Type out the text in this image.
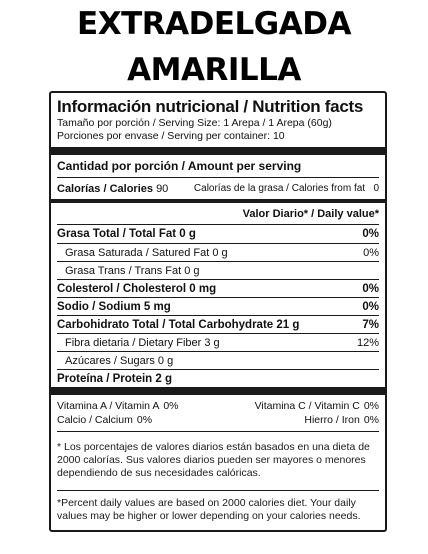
EXTRADELGADA
AMARILLA
Información nutricional / Nutrition facts
Tamaño por porción / Serving Size: 1 Arepa / 1 Arepa (60g)
Porciones por envase / Serving per container: 10
Cantidad por porción / Amount per serving
Calorías / Calories 90	Calorías de la grasa / Calories from fat 0
Valor Diario* / Daily value*
Grasa Total / Total Fat 0 g	0%
Grasa Saturada / Satured Fat 0 g	0%
Grasa Trans / Trans Fat 0 g
Colesterol / Cholesterol 0 mg	0%
Sodio / Sodium 5 mg	0%
Carbohidrato Total / Total Carbohydrate 21 g	7%
Fibra dietaria / Dietary Fiber 3 g	12%
Azúcares / Sugars 0 g
Proteína / Protein 2 g
Vitamina A / Vitamin A 0%	Vitamina C / Vitamin C 0%
Calcio / Calcium 0%	Hierro / Iron 0%
* Los porcentajes de valores diarios están basados en una dieta de 2000 calorías. Sus valores diarios pueden ser mayores o menores dependiendo de sus necesidades calóricas.
*Percent daily values are based on 2000 calories diet. Your daily values may be higher or lower depending on your calories needs.
